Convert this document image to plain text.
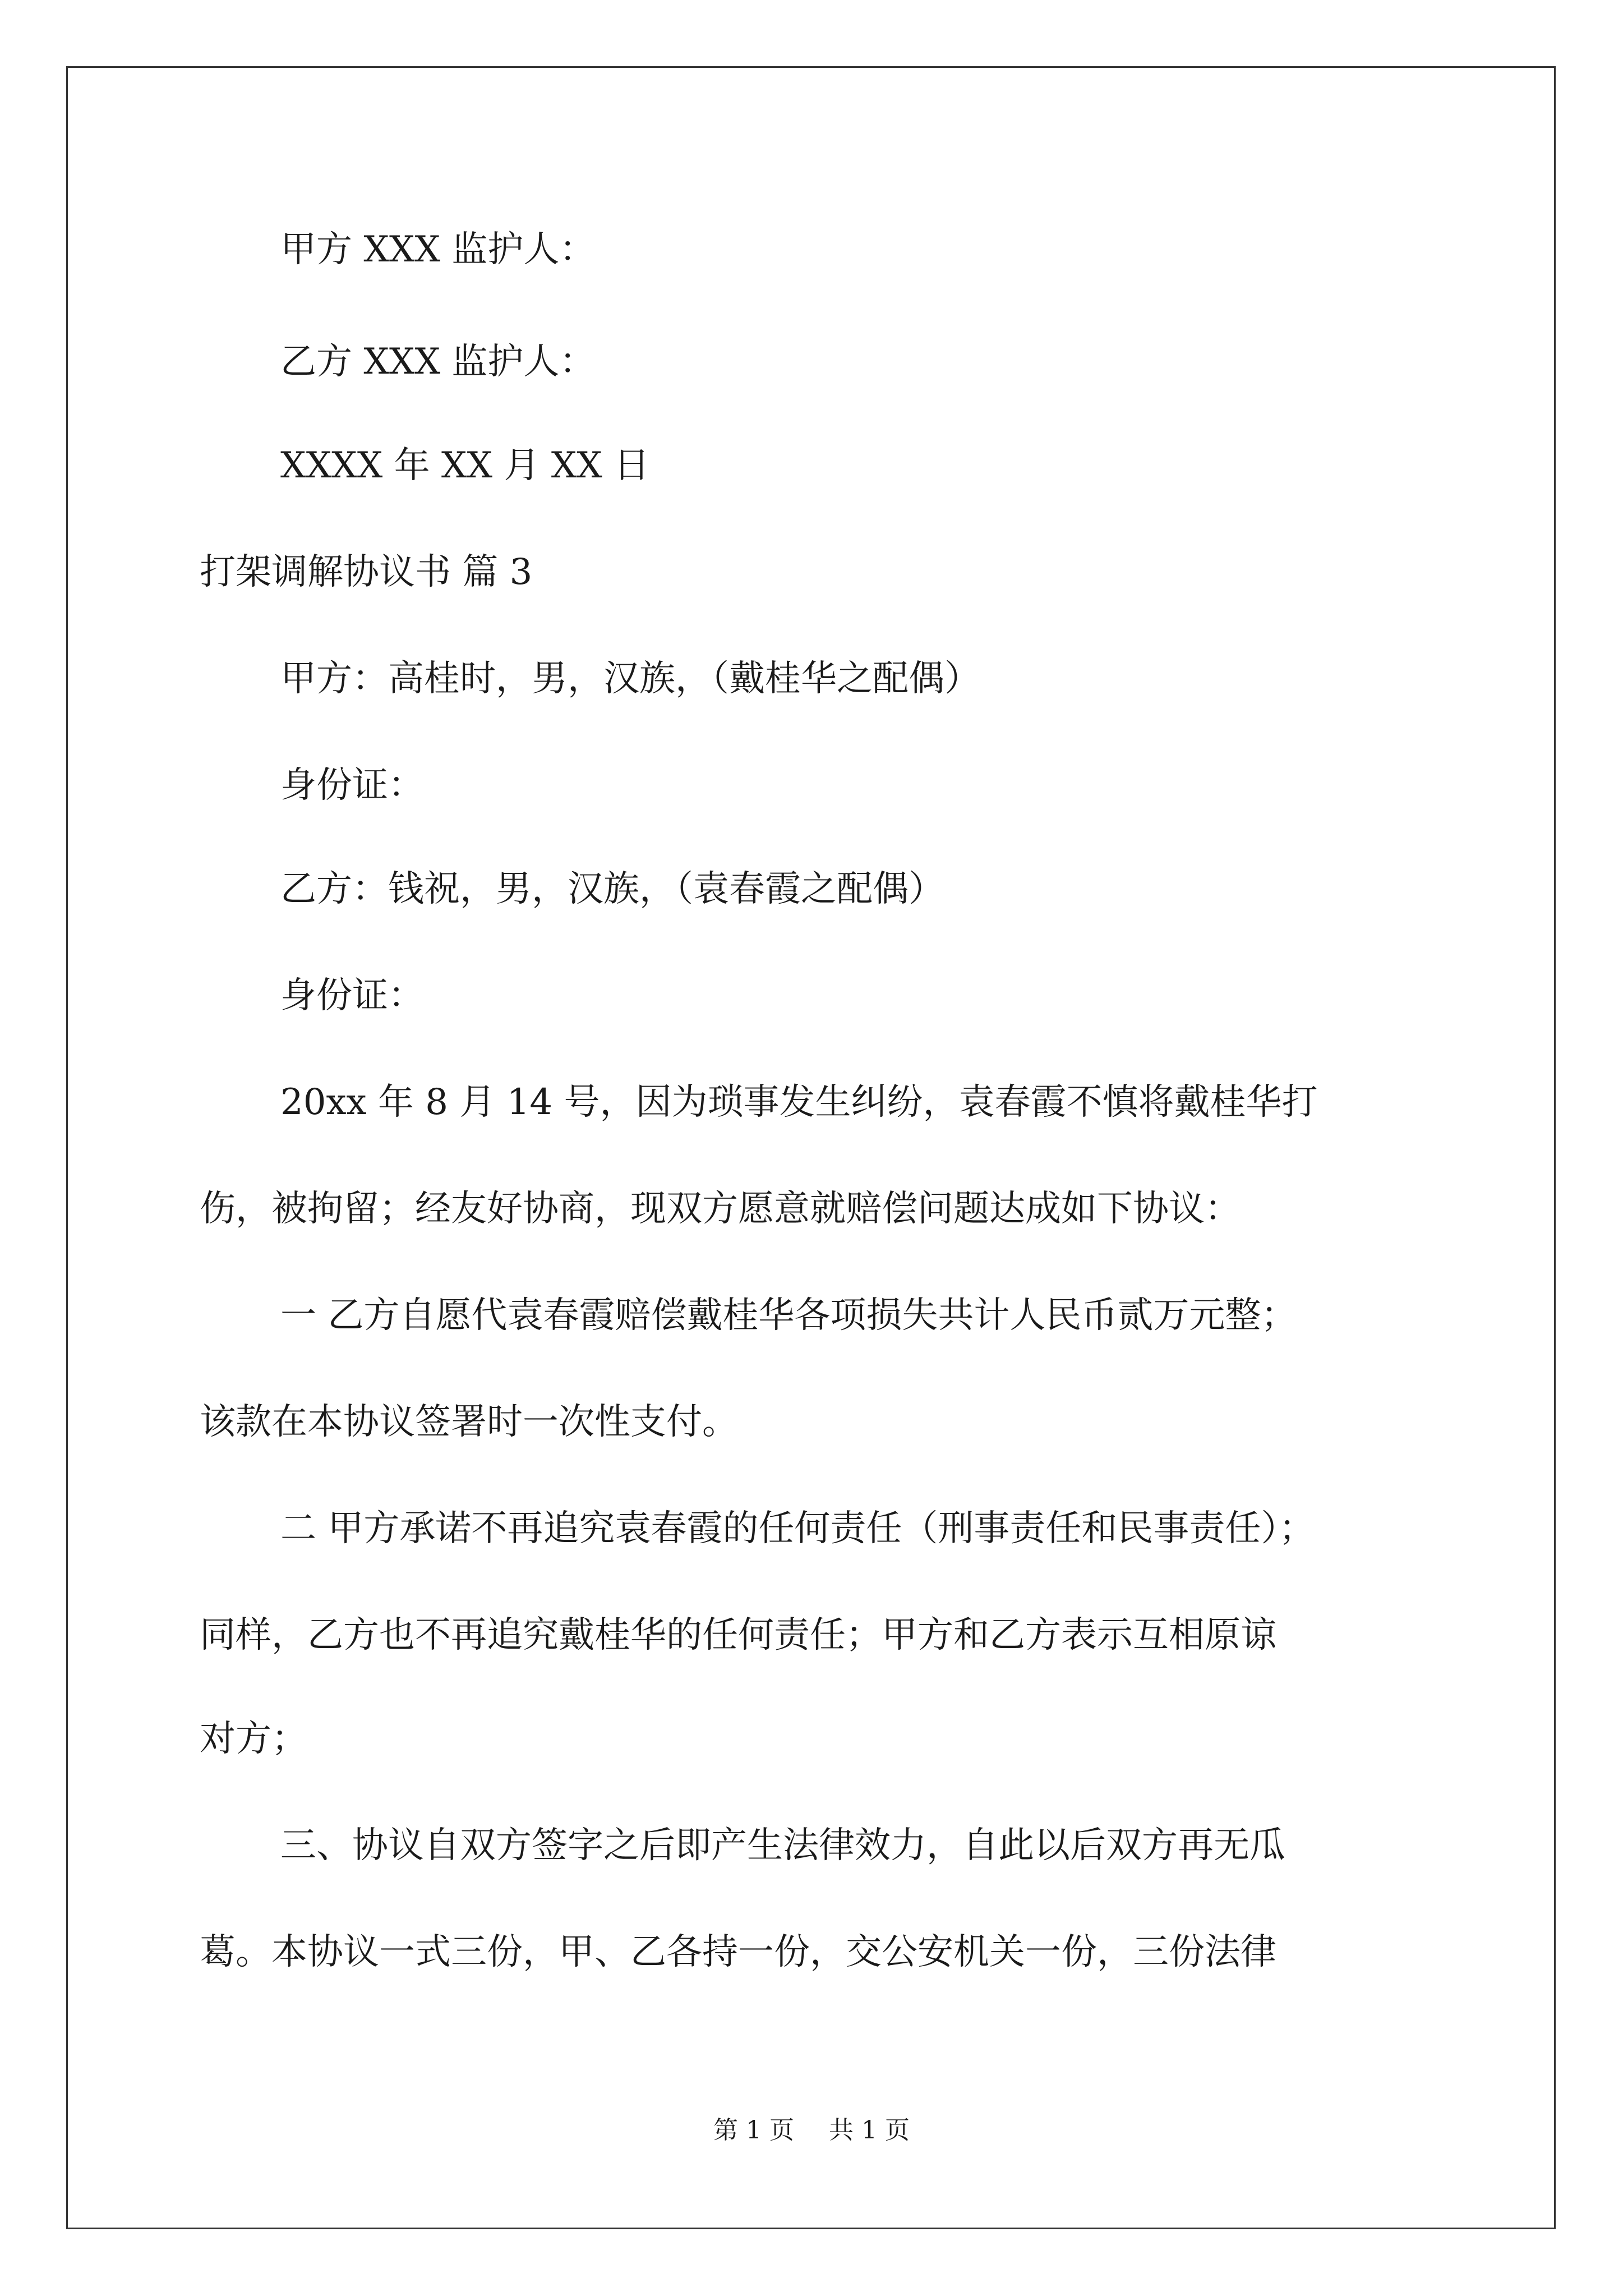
甲方 XXX 监护人：

乙方 XXX 监护人：

XXXX 年 XX 月 XX 日

打架调解协议书 篇 3

甲方：高桂时，男，汉族，（戴桂华之配偶）

身份证：

乙方：钱祝，男，汉族，（袁春霞之配偶）

身份证：

20xx 年 8 月 14 号，因为琐事发生纠纷，袁春霞不慎将戴桂华打

伤，被拘留；经友好协商，现双方愿意就赔偿问题达成如下协议：

一 乙方自愿代袁春霞赔偿戴桂华各项损失共计人民币贰万元整；

该款在本协议签署时一次性支付。

二 甲方承诺不再追究袁春霞的任何责任（刑事责任和民事责任）；

同样，乙方也不再追究戴桂华的任何责任；甲方和乙方表示互相原谅

对方；

三、协议自双方签字之后即产生法律效力，自此以后双方再无瓜

葛。本协议一式三份，甲、乙各持一份，交公安机关一份，三份法律

第 1 页 共 1 页
